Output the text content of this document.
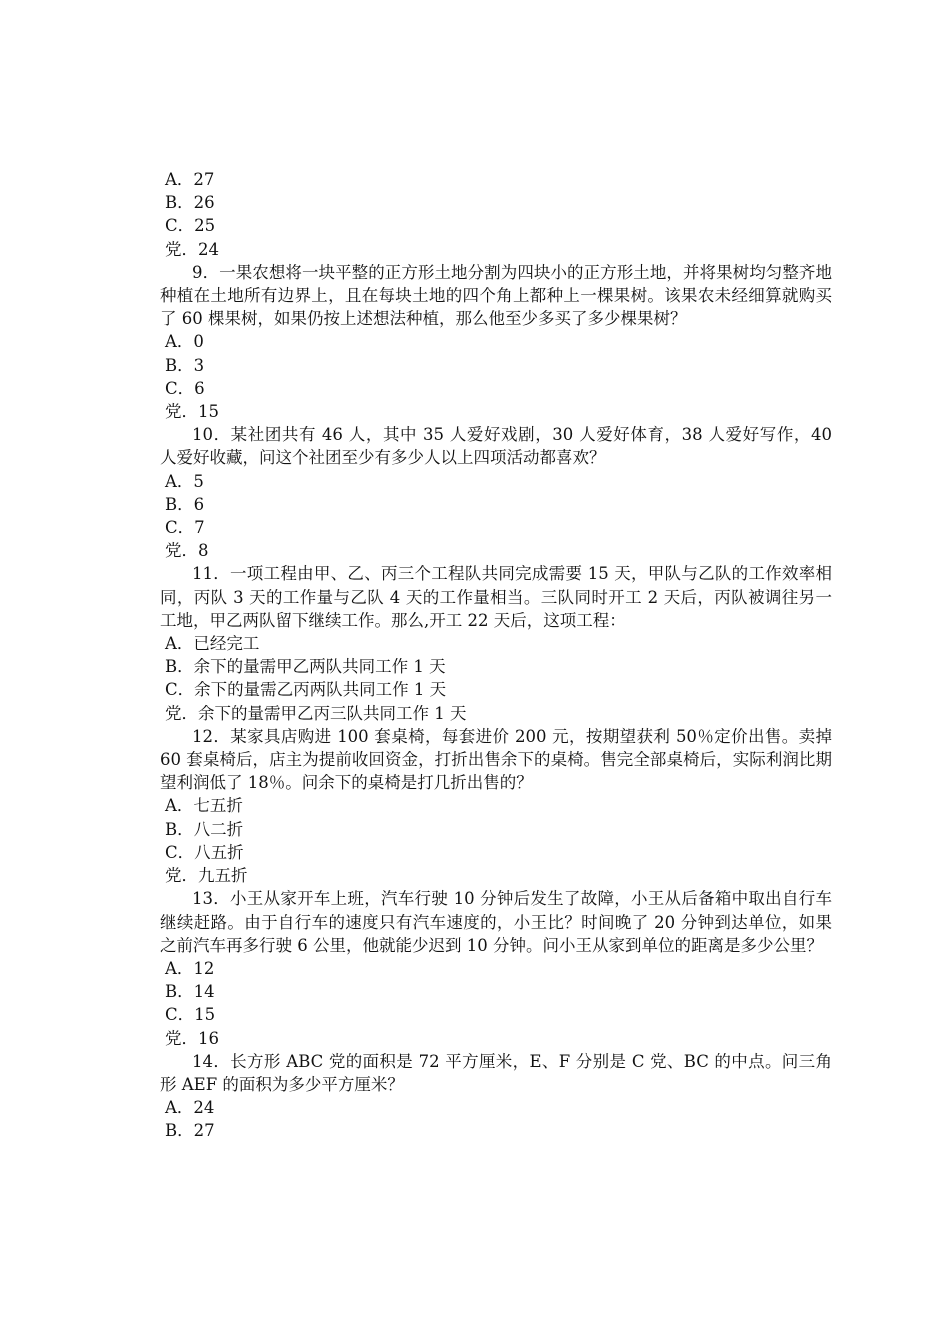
A．27
B．26
C．25
党．24
9．一果农想将一块平整的正方形土地分割为四块小的正方形土地，并将果树均匀整齐地种植在土地所有边界上，且在每块土地的四个角上都种上一棵果树。该果农未经细算就购买了 60 棵果树，如果仍按上述想法种植，那么他至少多买了多少棵果树？
A．0
B．3
C．6
党．15
10．某社团共有 46 人，其中 35 人爱好戏剧，30 人爱好体育，38 人爱好写作，40 人爱好收藏，问这个社团至少有多少人以上四项活动都喜欢？
A．5
B．6
C．7
党．8
11．一项工程由甲、乙、丙三个工程队共同完成需要 15 天，甲队与乙队的工作效率相同，丙队 3 天的工作量与乙队 4 天的工作量相当。三队同时开工 2 天后，丙队被调往另一工地，甲乙两队留下继续工作。那么,开工 22 天后，这项工程：
A．已经完工
B．余下的量需甲乙两队共同工作 1 天
C．余下的量需乙丙两队共同工作 1 天
党．余下的量需甲乙丙三队共同工作 1 天
12．某家具店购进 100 套桌椅，每套进价 200 元，按期望获利 50％定价出售。卖掉 60 套桌椅后，店主为提前收回资金，打折出售余下的桌椅。售完全部桌椅后，实际利润比期望利润低了 18％。问余下的桌椅是打几折出售的？
A．七五折
B．八二折
C．八五折
党．九五折
13．小王从家开车上班，汽车行驶 10 分钟后发生了故障，小王从后备箱中取出自行车继续赶路。由于自行车的速度只有汽车速度的，小王比？时间晚了 20 分钟到达单位，如果之前汽车再多行驶 6 公里，他就能少迟到 10 分钟。问小王从家到单位的距离是多少公里？
A．12
B．14
C．15
党．16
14．长方形 ABC 党的面积是 72 平方厘米，E、F 分别是 C 党、BC 的中点。问三角形 AEF 的面积为多少平方厘米？
A．24
B．27
